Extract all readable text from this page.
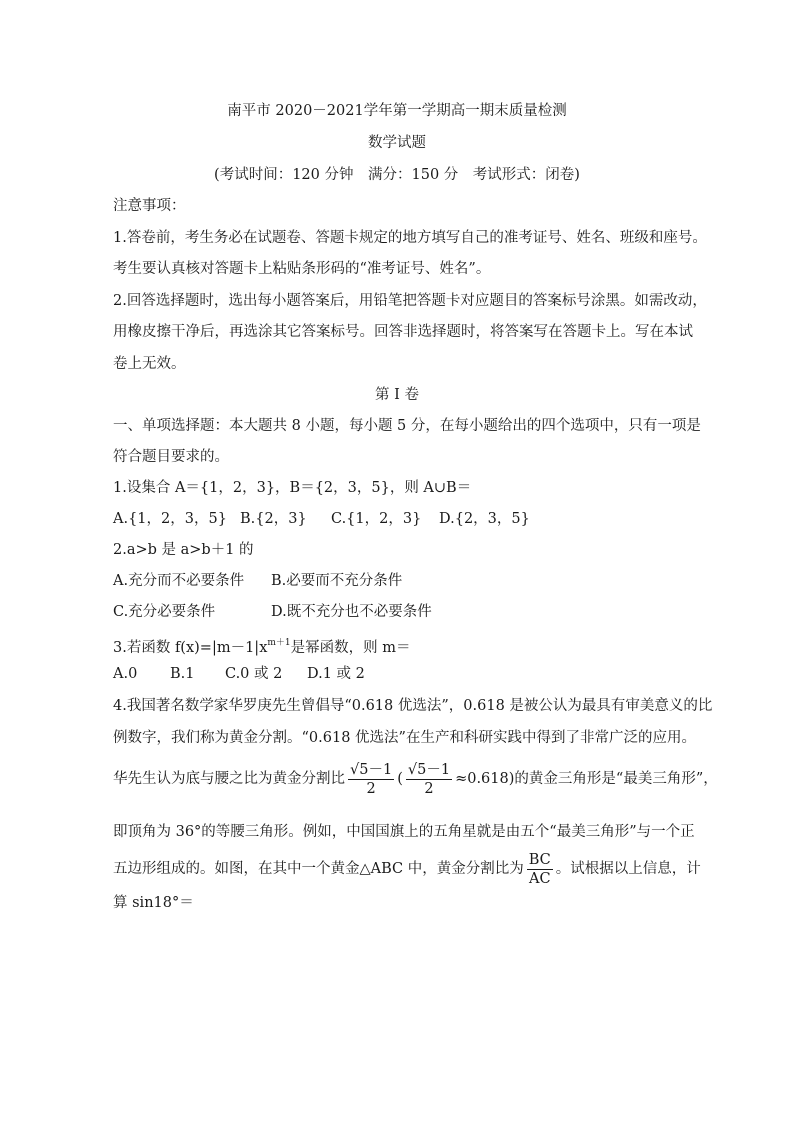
南平市 2020－2021学年第一学期高一期末质量检测
数学试题
(考试时间：120 分钟　满分：150 分　考试形式：闭卷)
注意事项：
1.答卷前，考生务必在试题卷、答题卡规定的地方填写自己的准考证号、姓名、班级和座号。
考生要认真核对答题卡上粘贴条形码的“准考证号、姓名”。
2.回答选择题时，选出每小题答案后，用铅笔把答题卡对应题目的答案标号涂黑。如需改动，
用橡皮擦干净后，再选涂其它答案标号。回答非选择题时，将答案写在答题卡上。写在本试
卷上无效。
第 I 卷
一、单项选择题：本大题共 8 小题，每小题 5 分，在每小题给出的四个选项中，只有一项是
符合题目要求的。
1.设集合 A＝{1，2，3}，B＝{2，3，5}，则 A∪B＝
A.{1，2，3，5} B.{2，3} C.{1，2，3} D.{2，3，5}
2.a>b 是 a>b＋1 的
A.充分而不必要条件 B.必要而不充分条件
C.充分必要条件	D.既不充分也不必要条件
3.若函数 $f(x)=|m-1|x^{m+1}$是幂函数，则 m＝
A.0 B.1 C.0 或 2 D.1 或 2
4.我国著名数学家华罗庚先生曾倡导“0.618 优选法”，0.618 是被公认为最具有审美意义的比
例数字，我们称为黄金分割。“0.618 优选法”在生产和科研实践中得到了非常广泛的应用。
华先生认为底与腰之比为黄金分割比 $\frac{√5-1}{2}$ ( $\frac{√5-1}{2} \approx 0.618$)的黄金三角形是“最美三角形”，
即顶角为 36°的等腰三角形。例如，中国国旗上的五角星就是由五个“最美三角形”与一个正
五边形组成的。如图，在其中一个黄金△ABC 中，黄金分割比为 $\frac{BC}{AC}$ 。试根据以上信息，计
算 sin18°＝
